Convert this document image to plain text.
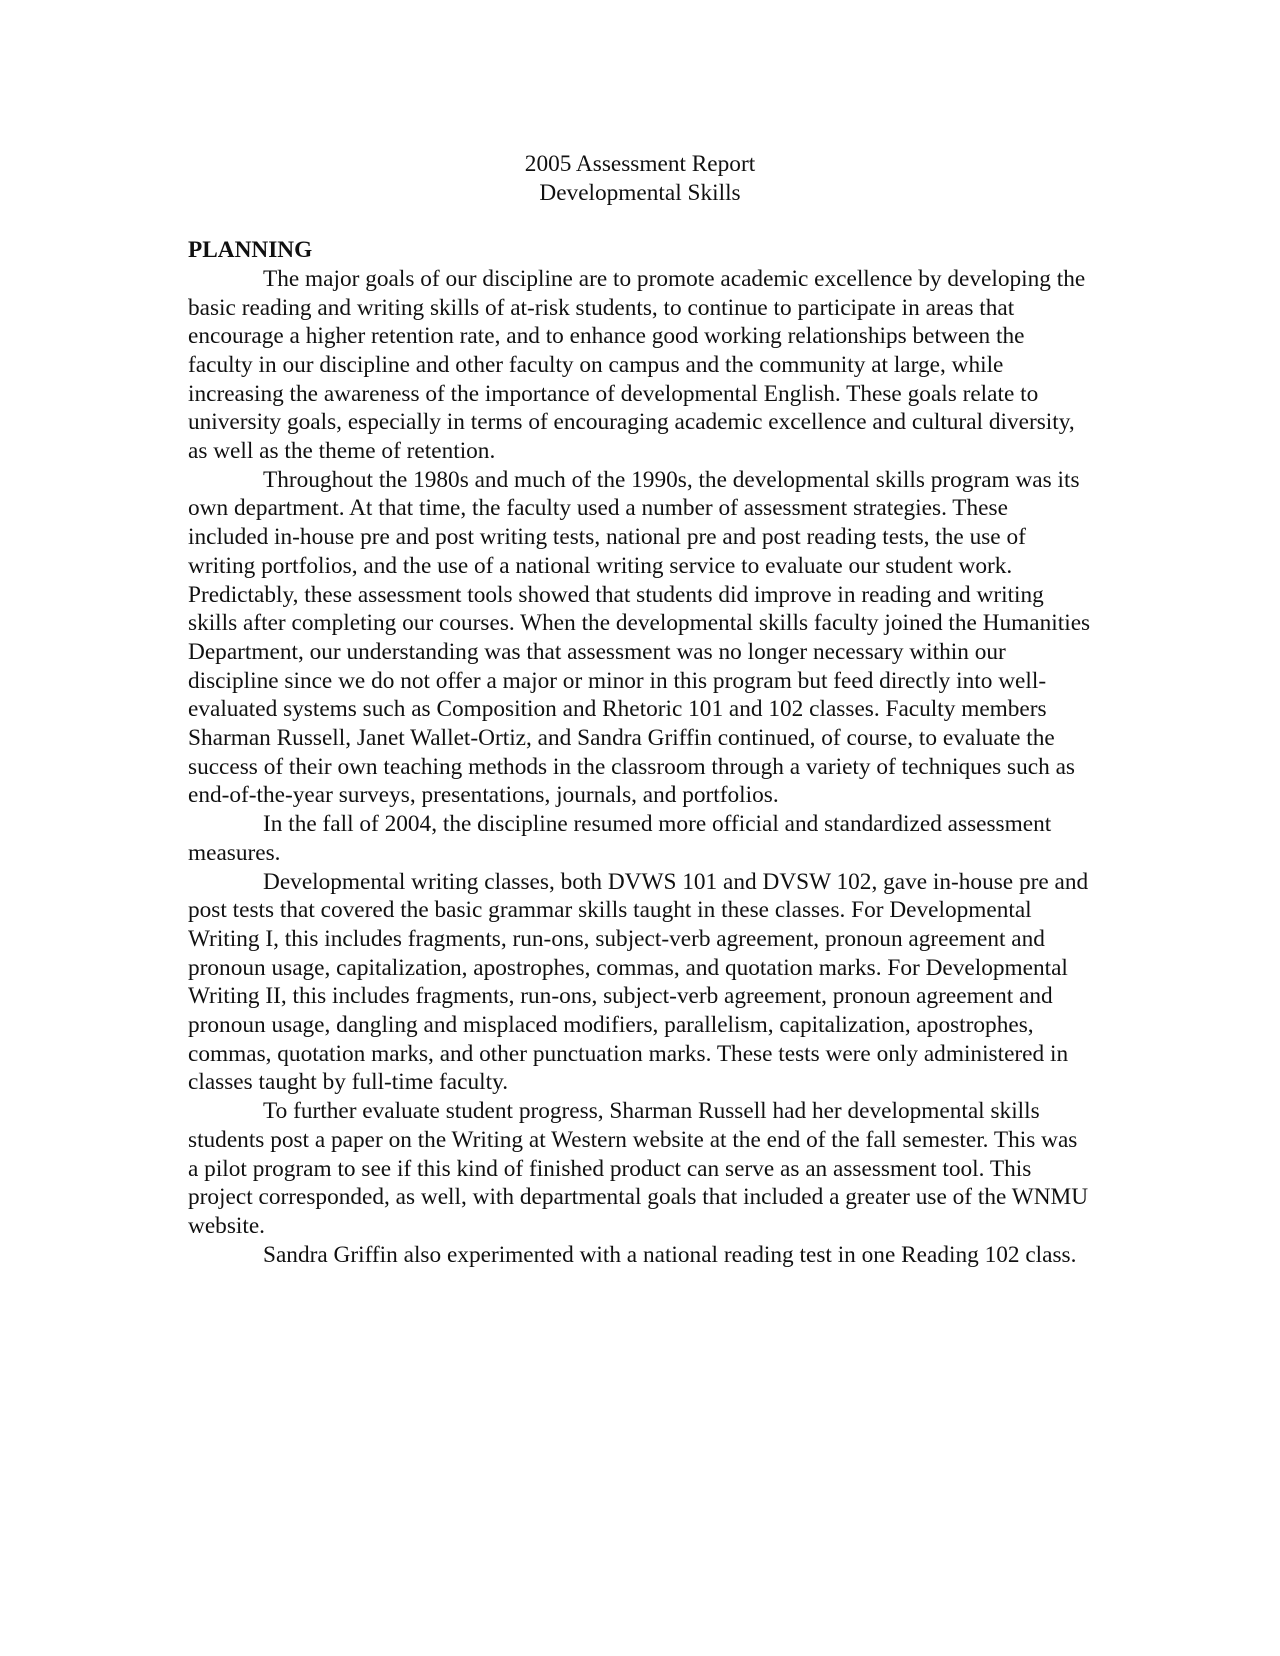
2005 Assessment Report
Developmental Skills
PLANNING

The major goals of our discipline are to promote academic excellence by developing the basic reading and writing skills of at-risk students, to continue to participate in areas that encourage a higher retention rate, and to enhance good working relationships between the faculty in our discipline and other faculty on campus and the community at large, while increasing the awareness of the importance of developmental English. These goals relate to university goals, especially in terms of encouraging academic excellence and cultural diversity, as well as the theme of retention.

Throughout the 1980s and much of the 1990s, the developmental skills program was its own department. At that time, the faculty used a number of assessment strategies. These included in-house pre and post writing tests, national pre and post reading tests, the use of writing portfolios, and the use of a national writing service to evaluate our student work. Predictably, these assessment tools showed that students did improve in reading and writing skills after completing our courses. When the developmental skills faculty joined the Humanities Department, our understanding was that assessment was no longer necessary within our discipline since we do not offer a major or minor in this program but feed directly into well-evaluated systems such as Composition and Rhetoric 101 and 102 classes. Faculty members Sharman Russell, Janet Wallet-Ortiz, and Sandra Griffin continued, of course, to evaluate the success of their own teaching methods in the classroom through a variety of techniques such as end-of-the-year surveys, presentations, journals, and portfolios.

In the fall of 2004, the discipline resumed more official and standardized assessment measures.

Developmental writing classes, both DVWS 101 and DVSW 102, gave in-house pre and post tests that covered the basic grammar skills taught in these classes. For Developmental Writing I, this includes fragments, run-ons, subject-verb agreement, pronoun agreement and pronoun usage, capitalization, apostrophes, commas, and quotation marks. For Developmental Writing II, this includes fragments, run-ons, subject-verb agreement, pronoun agreement and pronoun usage, dangling and misplaced modifiers, parallelism, capitalization, apostrophes, commas, quotation marks, and other punctuation marks. These tests were only administered in classes taught by full-time faculty.

To further evaluate student progress, Sharman Russell had her developmental skills students post a paper on the Writing at Western website at the end of the fall semester. This was a pilot program to see if this kind of finished product can serve as an assessment tool. This project corresponded, as well, with departmental goals that included a greater use of the WNMU website.

Sandra Griffin also experimented with a national reading test in one Reading 102 class.
